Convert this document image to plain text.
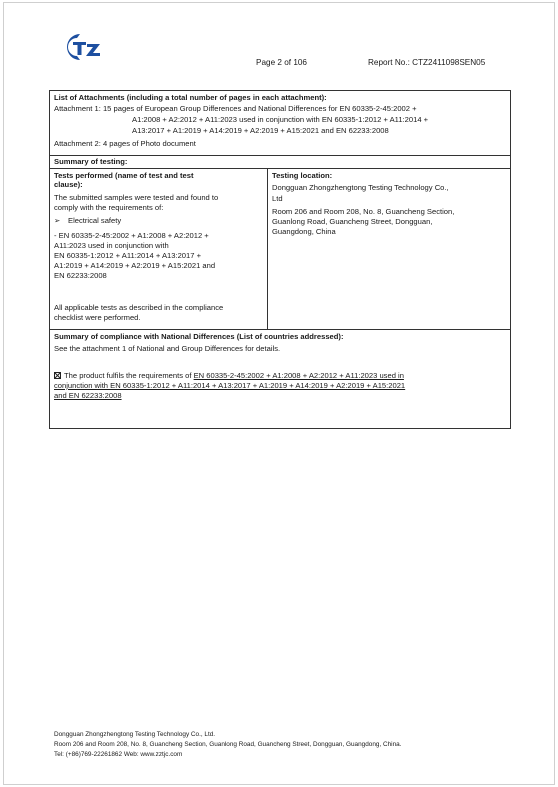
CTZ	Page 2 of 106	Report No.: CTZ2411098SEN05
List of Attachments (including a total number of pages in each attachment):
Attachment 1: 15 pages of European Group Differences and National Differences for EN 60335-2-45:2002 +
A1:2008 + A2:2012 + A11:2023 used in conjunction with EN 60335-1:2012 + A11:2014 +
A13:2017 + A1:2019 + A14:2019 + A2:2019 + A15:2021 and EN 62233:2008
Attachment 2: 4 pages of Photo document
Summary of testing:
Tests performed (name of test and test
clause):
The submitted samples were tested and found to
comply with the requirements of:
➢ Electrical safety
- EN 60335-2-45:2002 + A1:2008 + A2:2012 +
A11:2023 used in conjunction with
EN 60335-1:2012 + A11:2014 + A13:2017 +
A1:2019 + A14:2019 + A2:2019 + A15:2021 and
EN 62233:2008
All applicable tests as described in the compliance
checklist were performed.
Testing location:
Dongguan Zhongzhengtong Testing Technology Co.,
Ltd
Room 206 and Room 208, No. 8, Guancheng Section,
Guanlong Road, Guancheng Street, Dongguan,
Guangdong, China
Summary of compliance with National Differences (List of countries addressed):
See the attachment 1 of National and Group Differences for details.
The product fulfils the requirements of EN 60335-2-45:2002 + A1:2008 + A2:2012 + A11:2023 used in
conjunction with EN 60335-1:2012 + A11:2014 + A13:2017 + A1:2019 + A14:2019 + A2:2019 + A15:2021
and EN 62233:2008
Dongguan Zhongzhengtong Testing Technology Co., Ltd.
Room 206 and Room 208, No. 8, Guancheng Section, Guanlong Road, Guancheng Street, Dongguan, Guangdong, China.
Tel: (+86)769-22261862 Web: www.zztjc.com
